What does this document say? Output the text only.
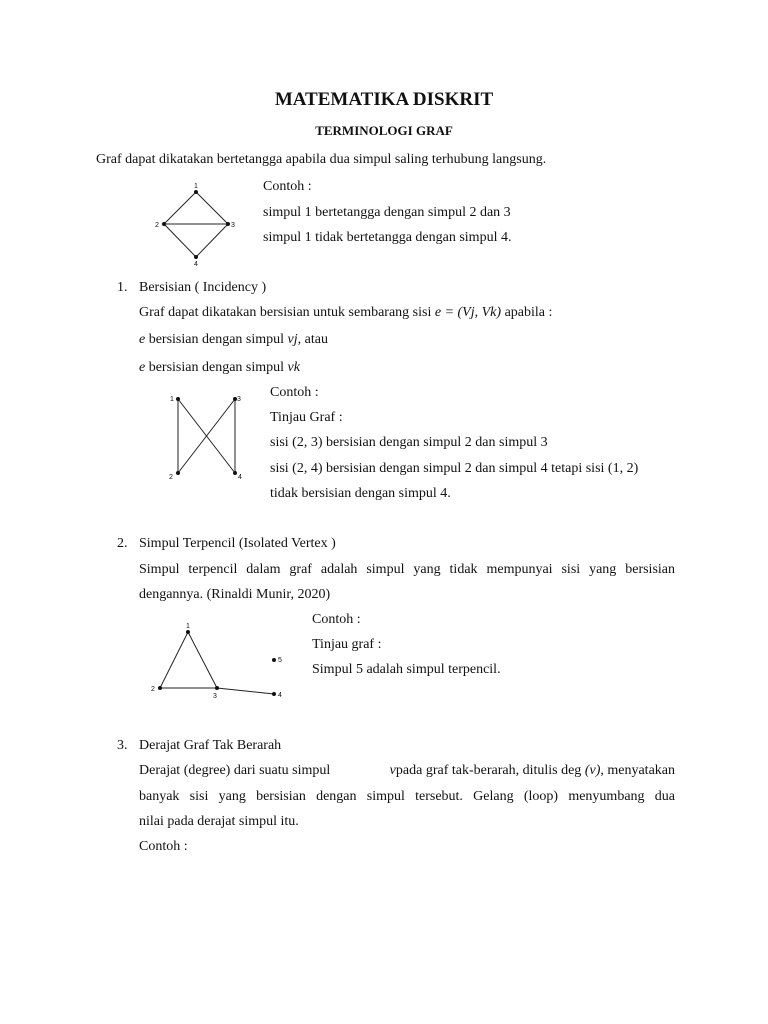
MATEMATIKA DISKRIT
TERMINOLOGI GRAF
Graf dapat dikatakan bertetangga apabila dua simpul saling terhubung langsung.
Contoh :
simpul 1 bertetangga dengan simpul 2 dan 3
simpul 1 tidak bertetangga dengan simpul 4.
1
2	3
4
1
2
3
4
1
2
3	4
5
1. Bersisian ( Incidency )
Graf dapat dikatakan bersisian untuk sembarang sisi e = (Vj, Vk) apabila :
e bersisian dengan simpul vj, atau
e bersisian dengan simpul vk
Contoh :
Tinjau Graf :
sisi (2, 3) bersisian dengan simpul 2 dan simpul 3
sisi (2, 4) bersisian dengan simpul 2 dan simpul 4 tetapi sisi (1, 2)
tidak bersisian dengan simpul 4.
2. Simpul Terpencil (Isolated Vertex )
Simpul terpencil dalam graf adalah simpul yang tidak mempunyai sisi yang bersisian
dengannya. (Rinaldi Munir, 2020)
Contoh :
Tinjau graf :
Simpul 5 adalah simpul terpencil.
3. Derajat Graf Tak Berarah
Derajat (degree) dari suatu simpul	v pada graf tak-berarah, ditulis deg
(v) , menyatakan
banyak sisi yang bersisian dengan simpul tersebut. Gelang (loop) menyumbang dua
nilai pada derajat simpul itu.
Contoh :
